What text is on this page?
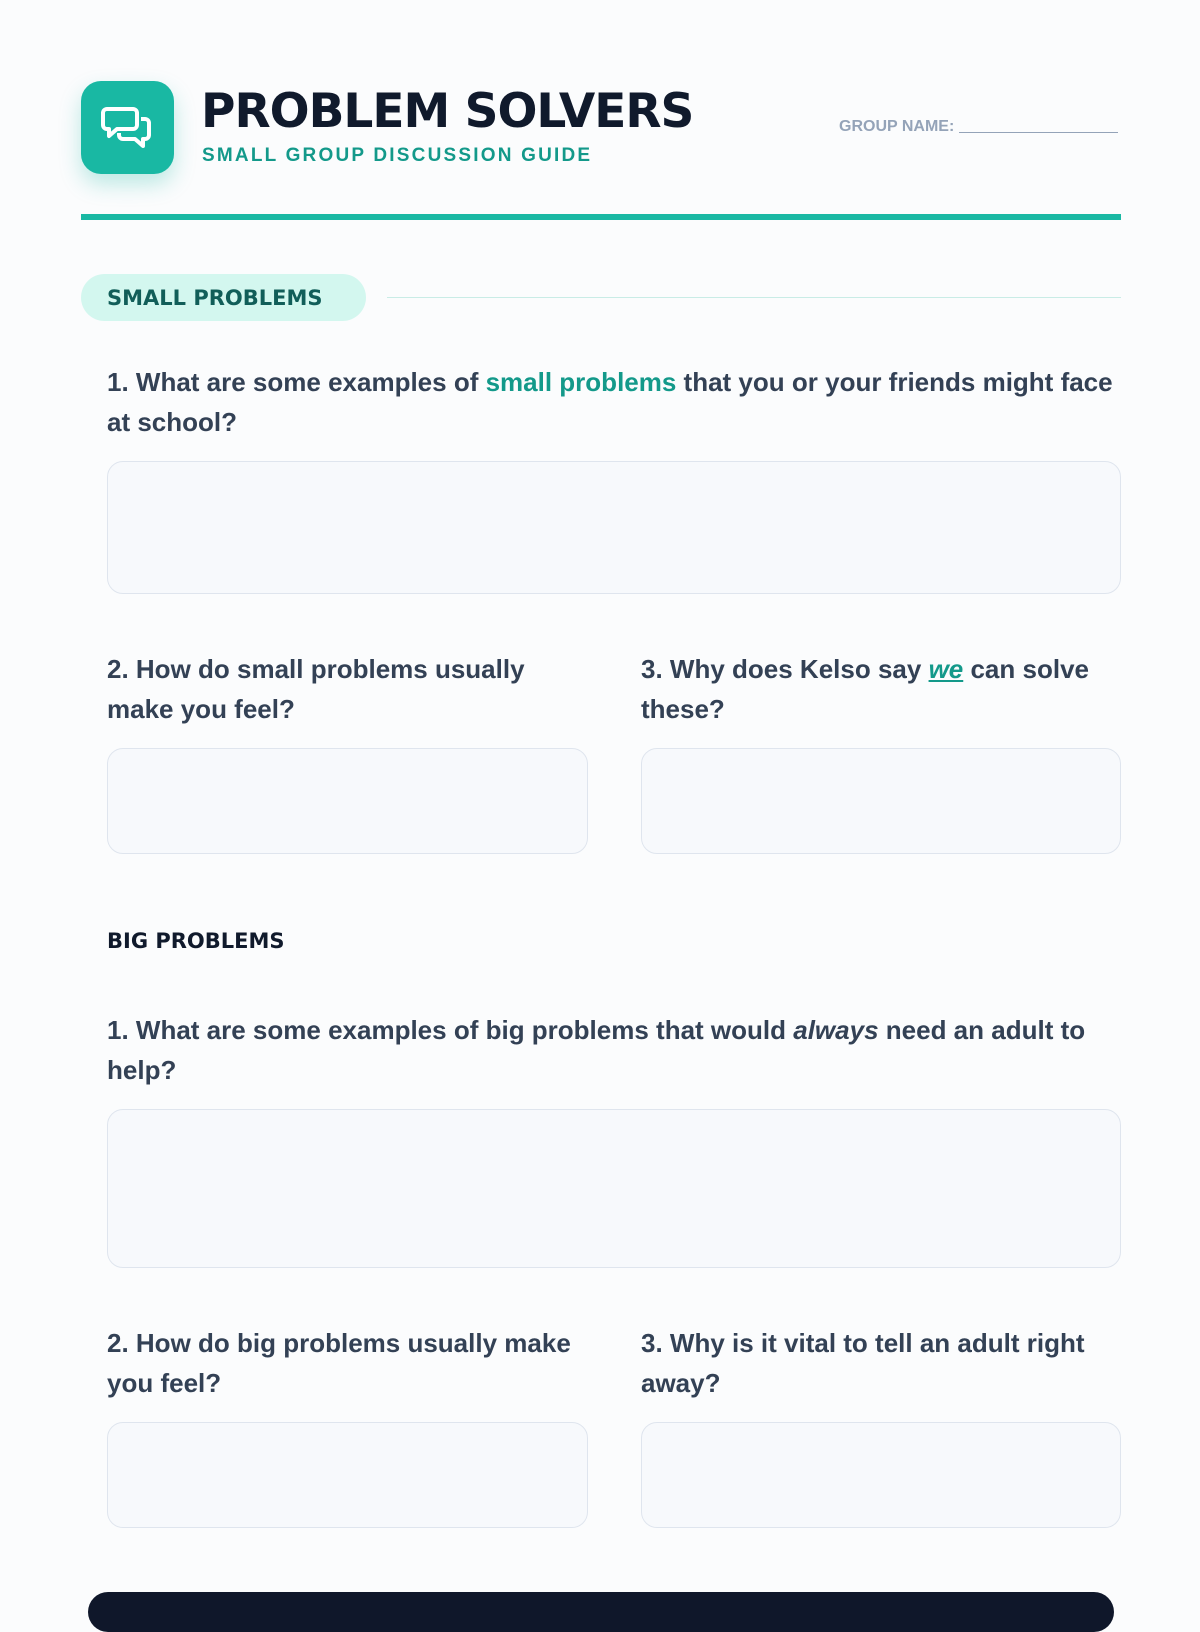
PROBLEM SOLVERS
SMALL GROUP DISCUSSION GUIDE
GROUP NAME:
SMALL PROBLEMS

1. What are some examples of small problems that you or your friends might face at school?

2. How do small problems usually make you feel?

3. Why does Kelso say we can solve these?

BIG PROBLEMS

1. What are some examples of big problems that would always need an adult to help?

2. How do big problems usually make you feel?

3. Why is it vital to tell an adult right away?
